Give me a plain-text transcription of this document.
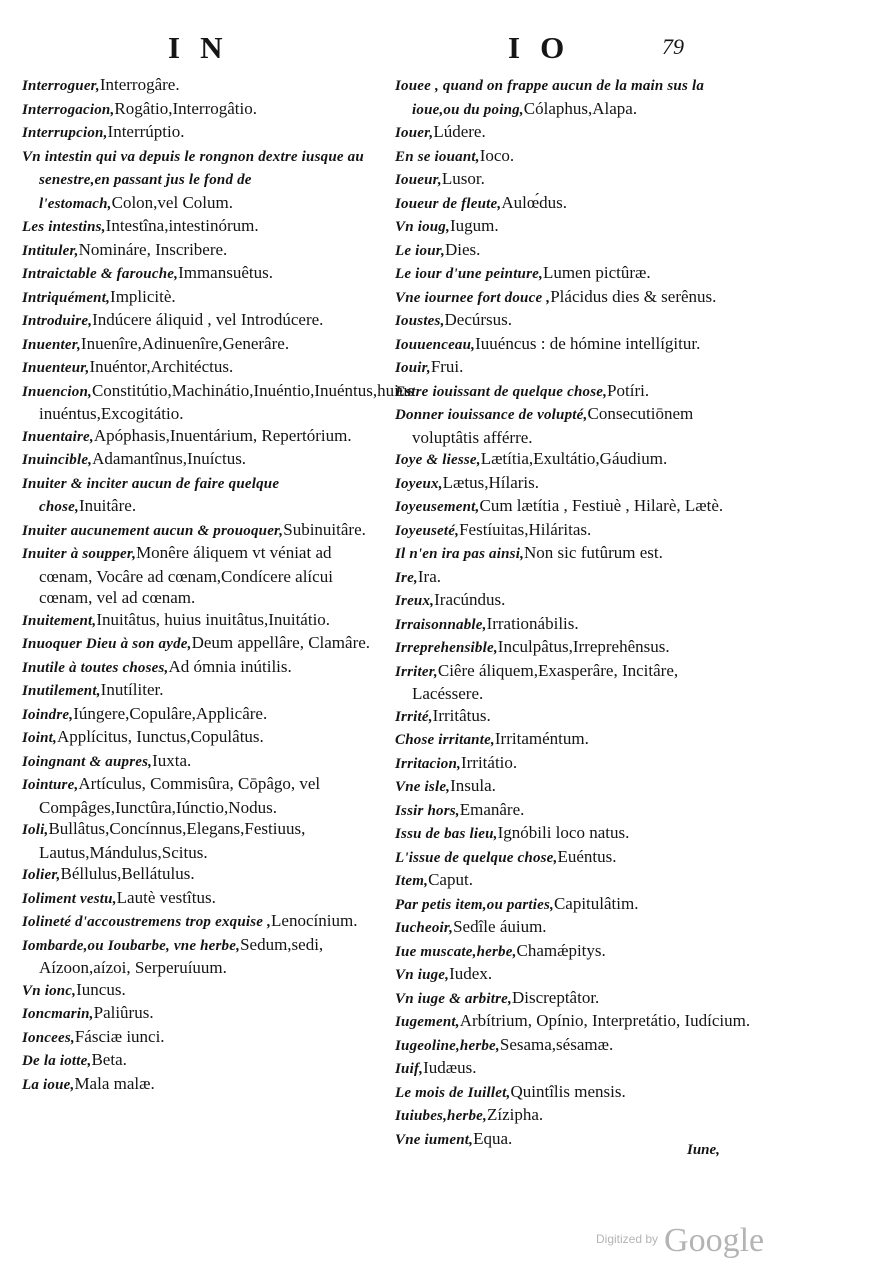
IN	IO	79
Interroguer,Interrogâre.
Interrogacion,Rogâtio,Interrogâtio.
Interrupcion,Interrúptio.
Vn intestin qui va depuis le rongnon dextre iusque au senestre,en passant jus le fond de l'estomach,Colon,vel Colum.
Les intestins,Intestîna,intestinórum.
Intituler,Nomináre, Inscribere.
Intraictable & farouche,Immansuêtus.
Intriquément,Implicitè.
Introduire,Indúcere áliquid , vel Introdúcere.
Inuenter,Inuenîre,Adinuenîre,Generâre.
Inuenteur,Inuéntor,Architéctus.
Inuencion,Constitútio,Machinátio,Inuéntio,Inuéntus,huius inuéntus,Excogitátio.
Inuentaire,Apóphasis,Inuentárium, Repertórium.
Inuincible,Adamantînus,Inuíctus.
Inuiter & inciter aucun de faire quelque chose,Inuitâre.
Inuiter aucunement aucun & prouoquer,Subinuitâre.
Inuiter à soupper,Monêre áliquem vt véniat ad cœnam, Vocâre ad cœnam,Condícere alícui cœnam, vel ad cœnam.
Inuitement,Inuitâtus, huius inuitâtus,Inuitátio.
Inuoquer Dieu à son ayde,Deum appellâre, Clamâre.
Inutile à toutes choses,Ad ómnia inútilis.
Inutilement,Inutíliter.
Ioindre,Iúngere,Copulâre,Applicâre.
Ioint,Applícitus, Iunctus,Copulâtus.
Ioingnant & aupres,Iuxta.
Iointure,Artículus, Commisûra, Cōpâgo, vel Compâges,Iunctûra,Iúnctio,Nodus.
Ioli,Bullâtus,Concínnus,Elegans,Festiuus, Lautus,Mándulus,Scitus.
Iolier,Béllulus,Bellátulus.
Ioliment vestu,Lautè vestîtus.
Iolineté d'accoustremens trop exquise ,Lenocínium.
Iombarde,ou Ioubarbe, vne herbe,Sedum,sedi, Aízoon,aízoi, Serperuíuum.
Vn ionc,Iuncus.
Ioncmarin,Paliûrus.
Ioncees,Fásciæ iunci.
De la iotte,Beta.
La ioue,Mala malæ.
Iouee , quand on frappe aucun de la main sus la ioue,ou du poing,Cólaphus,Alapa.
Iouer,Lúdere.
En se iouant,Ioco.
Ioueur,Lusor.
Ioueur de fleute,Aulœ́dus.
Vn ioug,Iugum.
Le iour,Dies.
Le iour d'une peinture,Lumen pictûræ.
Vne iournee fort douce ,Plácidus dies & serênus.
Ioustes,Decúrsus.
Iouuenceau,Iuuéncus : de hómine intellígitur.
Iouir,Frui.
Estre iouissant de quelque chose,Potíri.
Donner iouissance de volupté,Consecutiōnem voluptâtis afférre.
Ioye & liesse,Lætítia,Exultátio,Gáudium.
Ioyeux,Lætus,Hílaris.
Ioyeusement,Cum lætítia , Festiuè , Hilarè, Lætè.
Ioyeuseté,Festíuitas,Hiláritas.
Il n'en ira pas ainsi,Non sic futûrum est.
Ire,Ira.
Ireux,Iracúndus.
Irraisonnable,Irrationábilis.
Irreprehensible,Inculpâtus,Irreprehênsus.
Irriter,Ciêre áliquem,Exasperâre, Incitâre, Lacéssere.
Irrité,Irritâtus.
Chose irritante,Irritaméntum.
Irritacion,Irritátio.
Vne isle,Insula.
Issir hors,Emanâre.
Issu de bas lieu,Ignóbili loco natus.
L'issue de quelque chose,Euéntus.
Item,Caput.
Par petis item,ou parties,Capitulâtim.
Iucheoir,Sedîle áuium.
Iue muscate,herbe,Chamǽpitys.
Vn iuge,Iudex.
Vn iuge & arbitre,Discreptâtor.
Iugement,Arbítrium, Opínio, Interpretátio, Iudícium.
Iugeoline,herbe,Sesama,sésamæ.
Iuif,Iudæus.
Le mois de Iuillet,Quintîlis mensis.
Iuiubes,herbe,Zízipha.
Vne iument,Equa.
Iune,
$^{Digitized by}$ Google
